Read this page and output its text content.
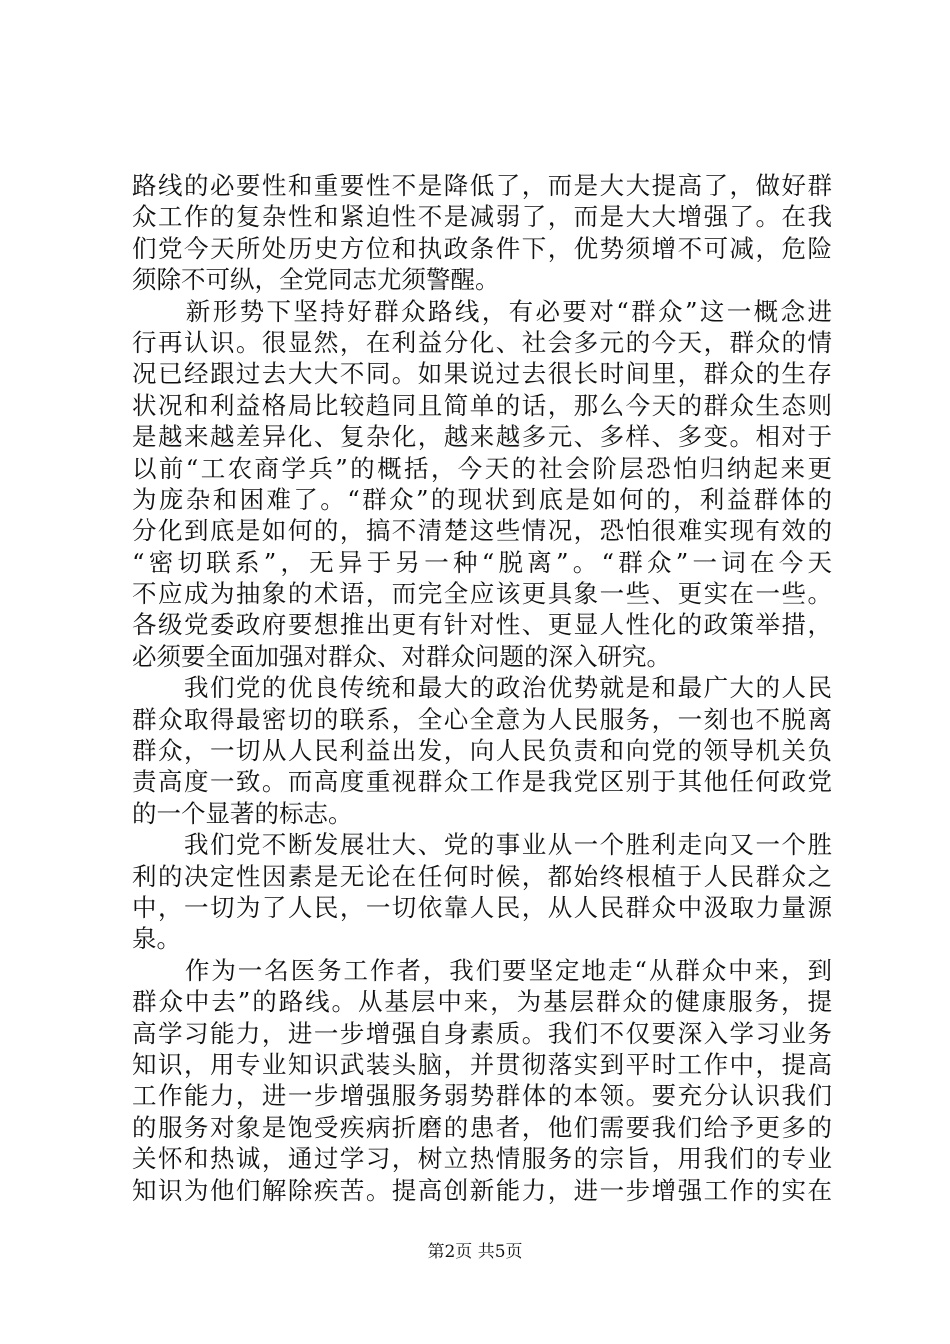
路线的必要性和重要性不是降低了，而是大大提高了，做好群
众工作的复杂性和紧迫性不是减弱了，而是大大增强了。在我
们党今天所处历史方位和执政条件下，优势须增不可减，危险
须除不可纵，全党同志尤须警醒。
　　新形势下坚持好群众路线，有必要对“群众”这一概念进
行再认识。很显然，在利益分化、社会多元的今天，群众的情
况已经跟过去大大不同。如果说过去很长时间里，群众的生存
状况和利益格局比较趋同且简单的话，那么今天的群众生态则
是越来越差异化、复杂化，越来越多元、多样、多变。相对于
以前“工农商学兵”的概括，今天的社会阶层恐怕归纳起来更
为庞杂和困难了。“群众”的现状到底是如何的，利益群体的
分化到底是如何的，搞不清楚这些情况，恐怕很难实现有效的
“密切联系”，无异于另一种“脱离”。“群众”一词在今天
不应成为抽象的术语，而完全应该更具象一些、更实在一些。
各级党委政府要想推出更有针对性、更显人性化的政策举措，
必须要全面加强对群众、对群众问题的深入研究。
　　我们党的优良传统和最大的政治优势就是和最广大的人民
群众取得最密切的联系，全心全意为人民服务，一刻也不脱离
群众，一切从人民利益出发，向人民负责和向党的领导机关负
责高度一致。而高度重视群众工作是我党区别于其他任何政党
的一个显著的标志。
　　我们党不断发展壮大、党的事业从一个胜利走向又一个胜
利的决定性因素是无论在任何时候，都始终根植于人民群众之
中，一切为了人民，一切依靠人民，从人民群众中汲取力量源
泉。
　　作为一名医务工作者，我们要坚定地走“从群众中来，到
群众中去”的路线。从基层中来，为基层群众的健康服务，提
高学习能力，进一步增强自身素质。我们不仅要深入学习业务
知识，用专业知识武装头脑，并贯彻落实到平时工作中，提高
工作能力，进一步增强服务弱势群体的本领。要充分认识我们
的服务对象是饱受疾病折磨的患者，他们需要我们给予更多的
关怀和热诚，通过学习，树立热情服务的宗旨，用我们的专业
知识为他们解除疾苦。提高创新能力，进一步增强工作的实在
第2页 共5页
